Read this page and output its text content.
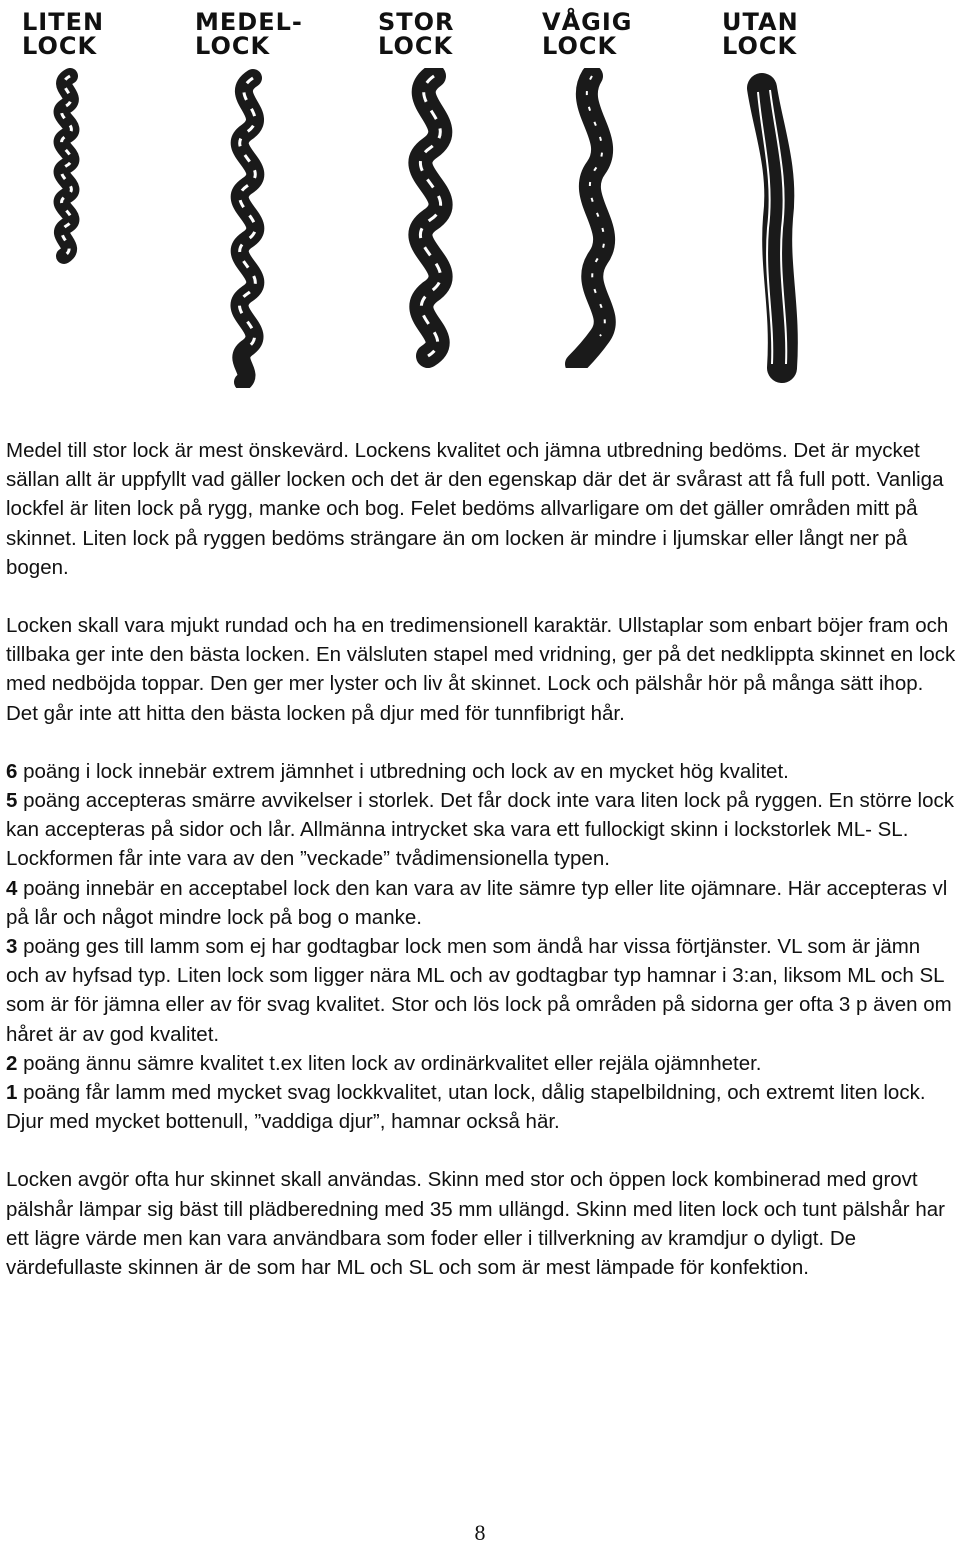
LITEN
LOCK
MEDEL-
LOCK
STOR
LOCK
VÅGIG
LOCK
UTAN
LOCK

Medel till stor lock är mest önskevärd. Lockens kvalitet och jämna utbredning bedöms. Det är mycket sällan allt är uppfyllt vad gäller locken och det är den egenskap där det är svårast att få full pott. Vanliga lockfel är liten lock på rygg, manke och bog. Felet bedöms allvarligare om det gäller områden mitt på skinnet. Liten lock på ryggen bedöms strängare än om locken är mindre i ljumskar eller långt ner på bogen.

Locken skall vara mjukt rundad och ha en tredimensionell karaktär. Ullstaplar som enbart böjer fram och tillbaka ger inte den bästa locken. En välsluten stapel med vridning, ger på det nedklippta skinnet en lock med nedböjda toppar. Den ger mer lyster och liv åt skinnet. Lock och pälshår hör på många sätt ihop. Det går inte att hitta den bästa locken på djur med för tunnfibrigt hår.

6 poäng i lock innebär extrem jämnhet i utbredning och lock av en mycket hög kvalitet.

5 poäng accepteras smärre avvikelser i storlek. Det får dock inte vara liten lock på ryggen. En större lock kan accepteras på sidor och lår. Allmänna intrycket ska vara ett fullockigt skinn i lockstorlek ML- SL. Lockformen får inte vara av den ”veckade” tvådimensionella typen.

4 poäng innebär en acceptabel lock den kan vara av lite sämre typ eller lite ojämnare. Här accepteras vl på lår och något mindre lock på bog o manke.

3 poäng ges till lamm som ej har godtagbar lock men som ändå har vissa förtjänster. VL som är jämn och av hyfsad typ. Liten lock som ligger nära ML och av godtagbar typ hamnar i 3:an, liksom ML och SL som är för jämna eller av för svag kvalitet. Stor och lös lock på områden på sidorna ger ofta 3 p även om håret är av god kvalitet.

2 poäng ännu sämre kvalitet t.ex liten lock av ordinärkvalitet eller rejäla ojämnheter.

1 poäng får lamm med mycket svag lockkvalitet, utan lock, dålig stapelbildning, och extremt liten lock. Djur med mycket bottenull, ”vaddiga djur”, hamnar också här.

Locken avgör ofta hur skinnet skall användas. Skinn med stor och öppen lock kombinerad med grovt pälshår lämpar sig bäst till plädberedning med 35 mm ullängd. Skinn med liten lock och tunt pälshår har ett lägre värde men kan vara användbara som foder eller i tillverkning av kramdjur o dyligt. De värdefullaste skinnen är de som har ML och SL och som är mest lämpade för konfektion.

8
